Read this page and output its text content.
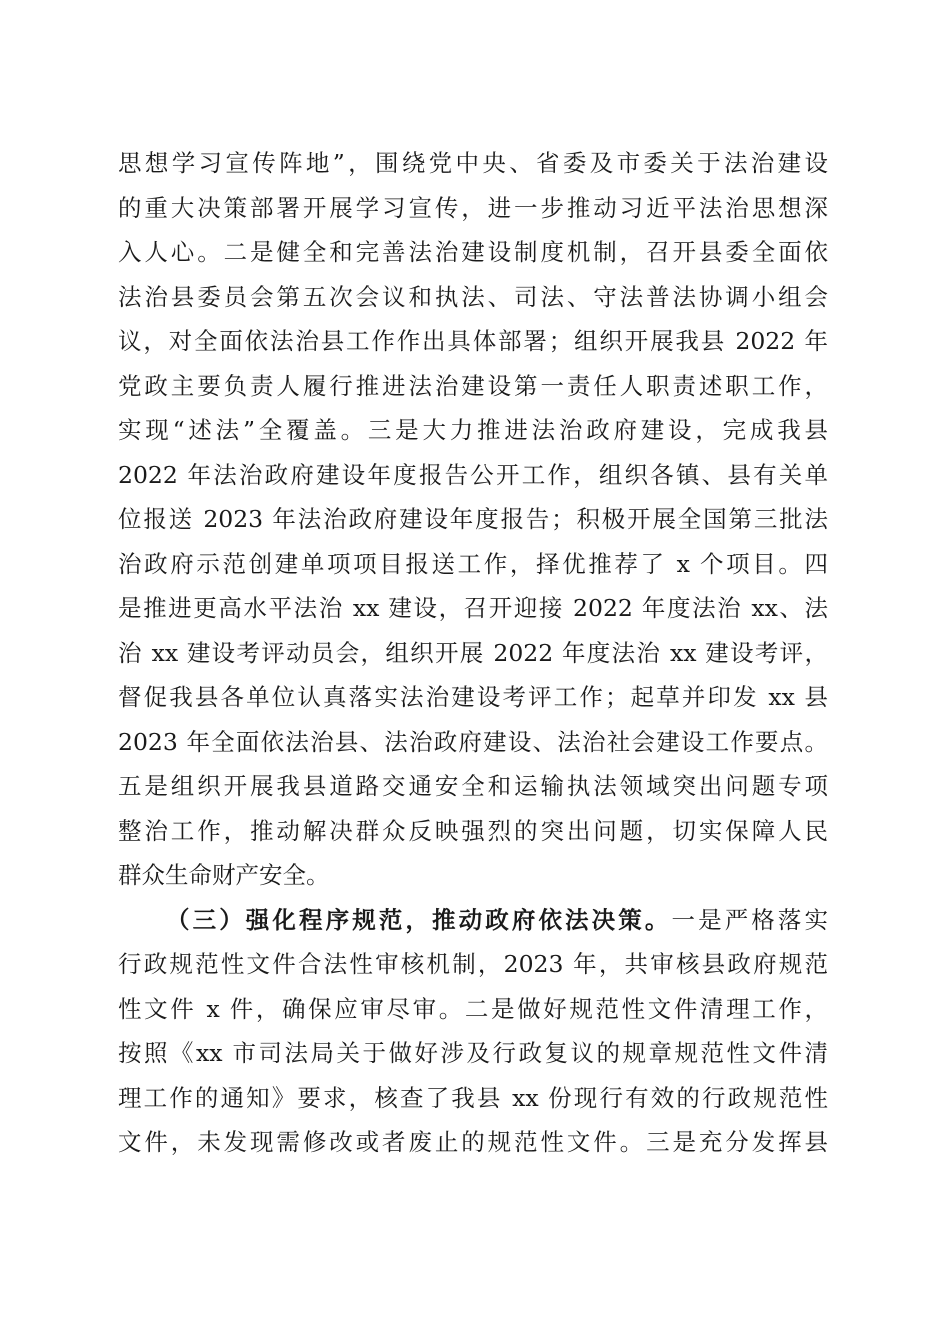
思想学习宣传阵地”，围绕党中央、省委及市委关于法治建设
的重大决策部署开展学习宣传，进一步推动习近平法治思想深
入人心。二是健全和完善法治建设制度机制，召开县委全面依
法治县委员会第五次会议和执法、司法、守法普法协调小组会
议，对全面依法治县工作作出具体部署；组织开展我县 2022 年
党政主要负责人履行推进法治建设第一责任人职责述职工作，
实现“述法”全覆盖。三是大力推进法治政府建设，完成我县
2022 年法治政府建设年度报告公开工作，组织各镇、县有关单
位报送 2023 年法治政府建设年度报告；积极开展全国第三批法
治政府示范创建单项项目报送工作，择优推荐了 x 个项目。四
是推进更高水平法治 xx 建设，召开迎接 2022 年度法治 xx、法
治 xx 建设考评动员会，组织开展 2022 年度法治 xx 建设考评，
督促我县各单位认真落实法治建设考评工作；起草并印发 xx 县
2023 年全面依法治县、法治政府建设、法治社会建设工作要点。
五是组织开展我县道路交通安全和运输执法领域突出问题专项
整治工作，推动解决群众反映强烈的突出问题，切实保障人民
群众生命财产安全。
（三）强化程序规范，推动政府依法决策。一是严格落实
行政规范性文件合法性审核机制，2023 年，共审核县政府规范
性文件 x 件，确保应审尽审。二是做好规范性文件清理工作，
按照《xx 市司法局关于做好涉及行政复议的规章规范性文件清
理工作的通知》要求，核查了我县 xx 份现行有效的行政规范性
文件，未发现需修改或者废止的规范性文件。三是充分发挥县
